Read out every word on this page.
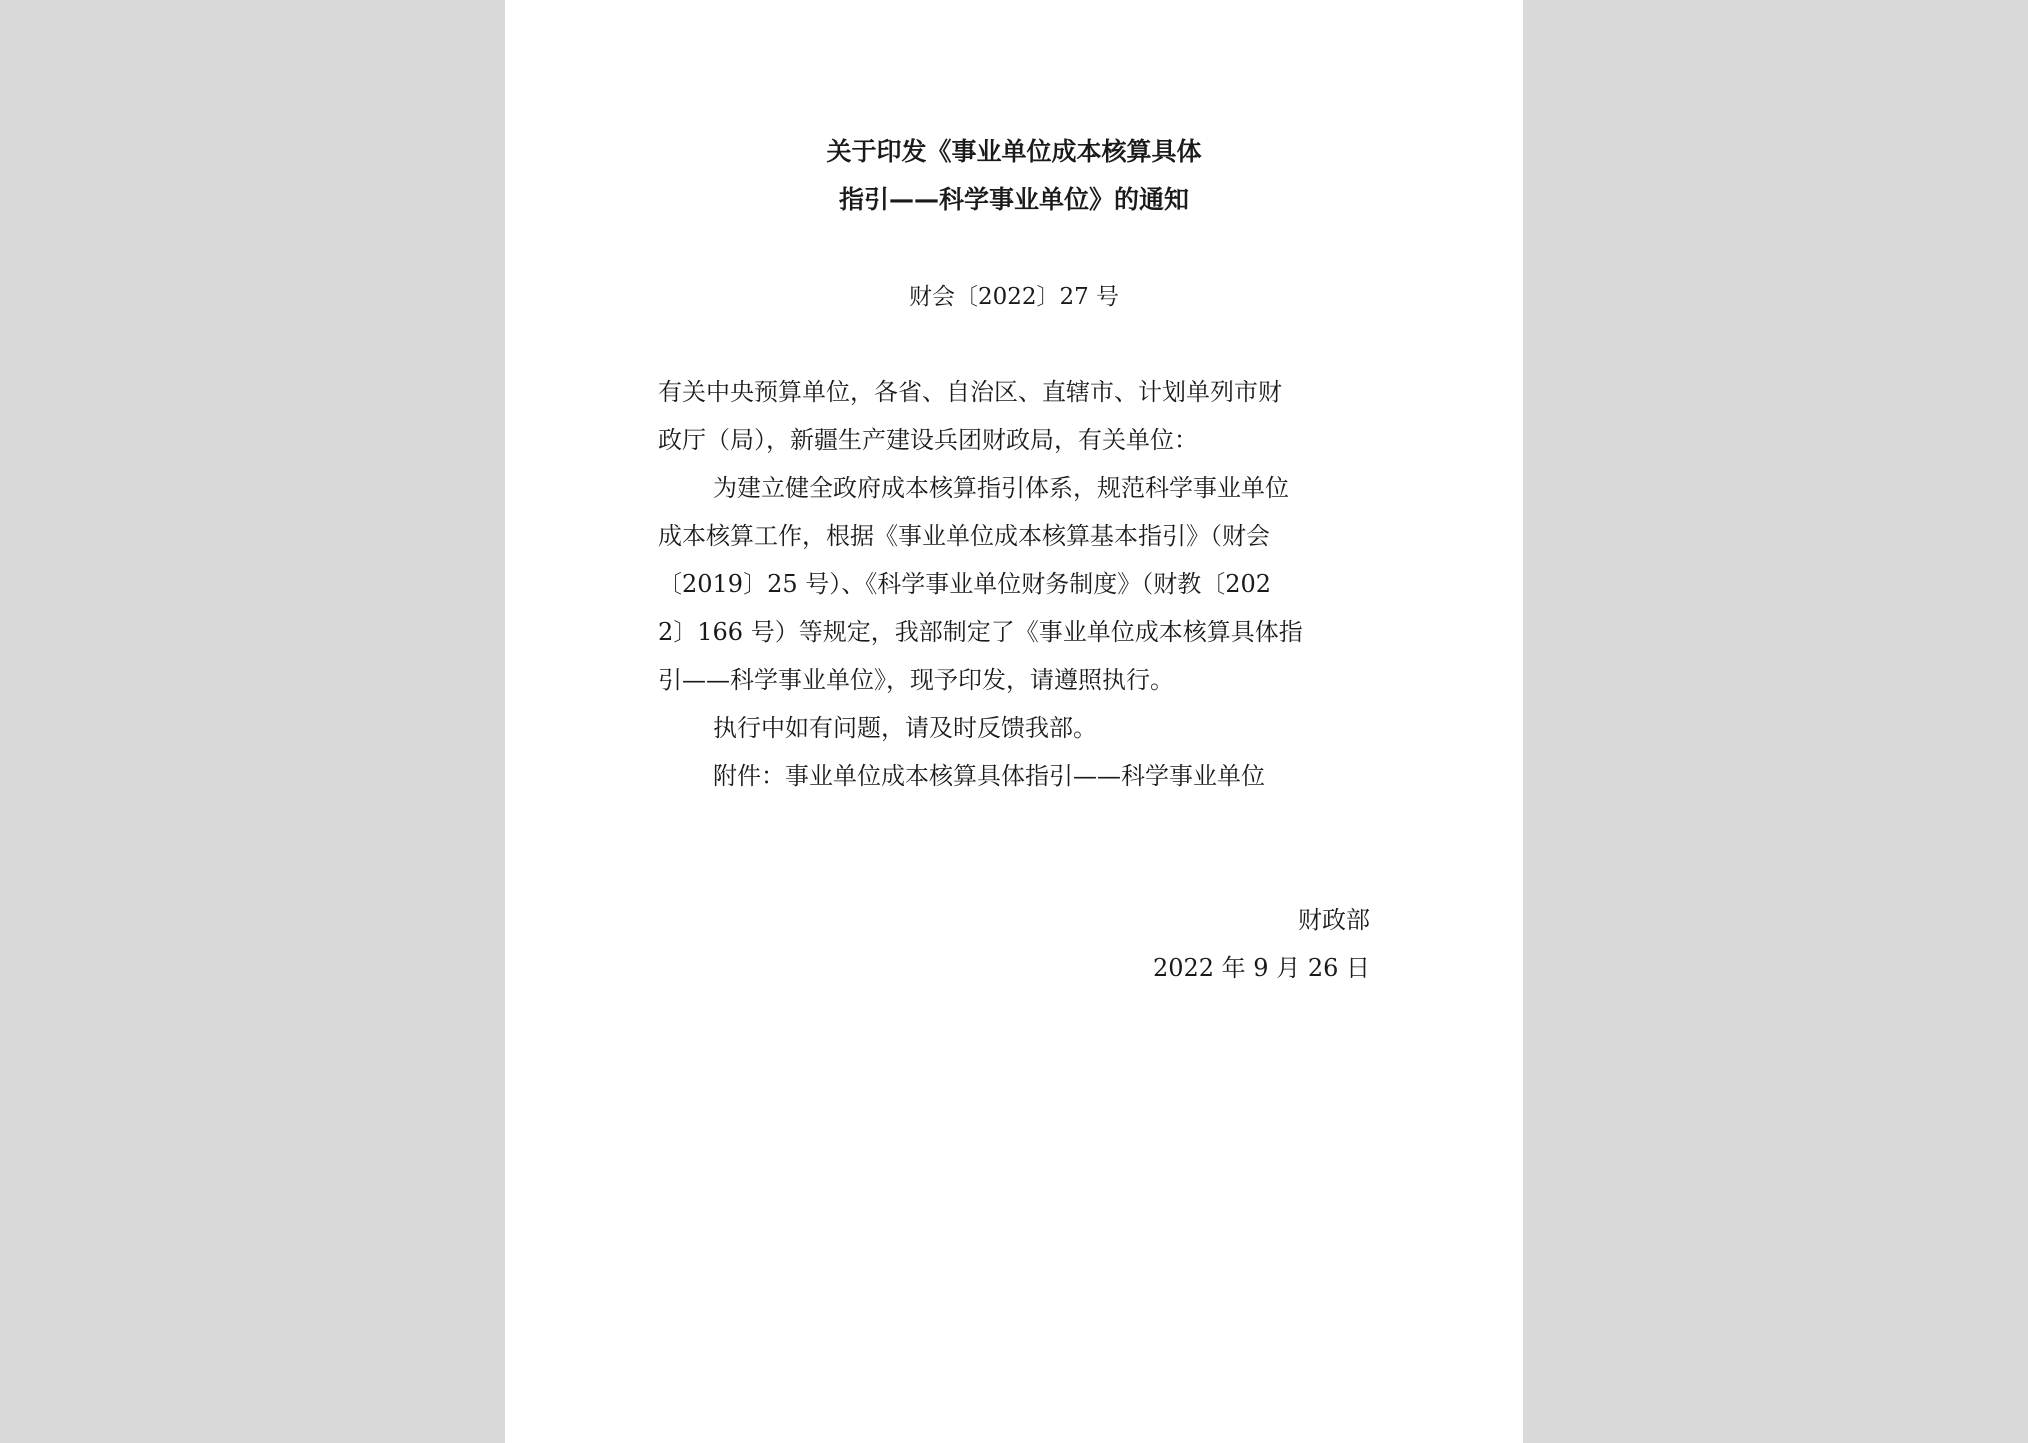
关于印发《事业单位成本核算具体
指引——科学事业单位》的通知
财会〔2022〕27 号
有关中央预算单位，各省、自治区、直辖市、计划单列市财
政厅（局），新疆生产建设兵团财政局，有关单位：
为建立健全政府成本核算指引体系，规范科学事业单位
成本核算工作，根据《事业单位成本核算基本指引》（财会
〔2019〕25 号）、《科学事业单位财务制度》（财教〔202
2〕166 号）等规定，我部制定了《事业单位成本核算具体指
引——科学事业单位》，现予印发，请遵照执行。
执行中如有问题，请及时反馈我部。
附件：事业单位成本核算具体指引——科学事业单位
财政部
2022 年 9 月 26 日
